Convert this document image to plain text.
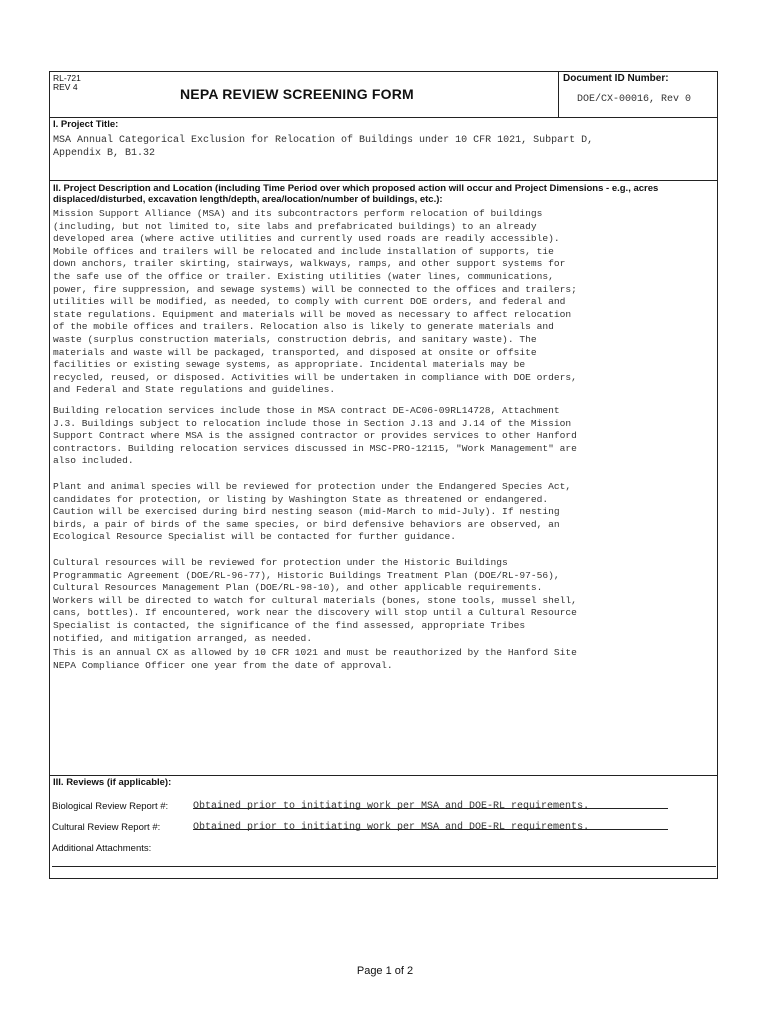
RL-721
REV 4	NEPA REVIEW SCREENING FORM
Document ID Number:
DOE/CX-00016, Rev 0
I. Project Title:
MSA Annual Categorical Exclusion for Relocation of Buildings under 10 CFR 1021, Subpart D,
Appendix B, B1.32
II. Project Description and Location (including Time Period over which proposed action will occur and Project Dimensions - e.g., acres displaced/disturbed, excavation length/depth, area/location/number of buildings, etc.):
Mission Support Alliance (MSA) and its subcontractors perform relocation of buildings
(including, but not limited to, site labs and prefabricated buildings) to an already
developed area (where active utilities and currently used roads are readily accessible).
Mobile offices and trailers will be relocated and include installation of supports, tie
down anchors, trailer skirting, stairways, walkways, ramps, and other support systems for
the safe use of the office or trailer. Existing utilities (water lines, communications,
power, fire suppression, and sewage systems) will be connected to the offices and trailers;
utilities will be modified, as needed, to comply with current DOE orders, and federal and
state regulations. Equipment and materials will be moved as necessary to affect relocation
of the mobile offices and trailers. Relocation also is likely to generate materials and
waste (surplus construction materials, construction debris, and sanitary waste). The
materials and waste will be packaged, transported, and disposed at onsite or offsite
facilities or existing sewage systems, as appropriate. Incidental materials may be
recycled, reused, or disposed. Activities will be undertaken in compliance with DOE orders,
and Federal and State regulations and guidelines.
Building relocation services include those in MSA contract DE-AC06-09RL14728, Attachment
J.3. Buildings subject to relocation include those in Section J.13 and J.14 of the Mission
Support Contract where MSA is the assigned contractor or provides services to other Hanford
contractors. Building relocation services discussed in MSC-PRO-12115, "Work Management" are
also included.
Plant and animal species will be reviewed for protection under the Endangered Species Act,
candidates for protection, or listing by Washington State as threatened or endangered.
Caution will be exercised during bird nesting season (mid-March to mid-July). If nesting
birds, a pair of birds of the same species, or bird defensive behaviors are observed, an
Ecological Resource Specialist will be contacted for further guidance.
Cultural resources will be reviewed for protection under the Historic Buildings
Programmatic Agreement (DOE/RL-96-77), Historic Buildings Treatment Plan (DOE/RL-97-56),
Cultural Resources Management Plan (DOE/RL-98-10), and other applicable requirements.
Workers will be directed to watch for cultural materials (bones, stone tools, mussel shell,
cans, bottles). If encountered, work near the discovery will stop until a Cultural Resource
Specialist is contacted, the significance of the find assessed, appropriate Tribes
notified, and mitigation arranged, as needed.
This is an annual CX as allowed by 10 CFR 1021 and must be reauthorized by the Hanford Site
NEPA Compliance Officer one year from the date of approval.
III. Reviews (if applicable):
Biological Review Report #: Obtained prior to initiating work per MSA and DOE-RL requirements.
Cultural Review Report #:	Obtained prior to initiating work per MSA and DOE-RL requirements.
Additional Attachments:
Page 1 of 2
